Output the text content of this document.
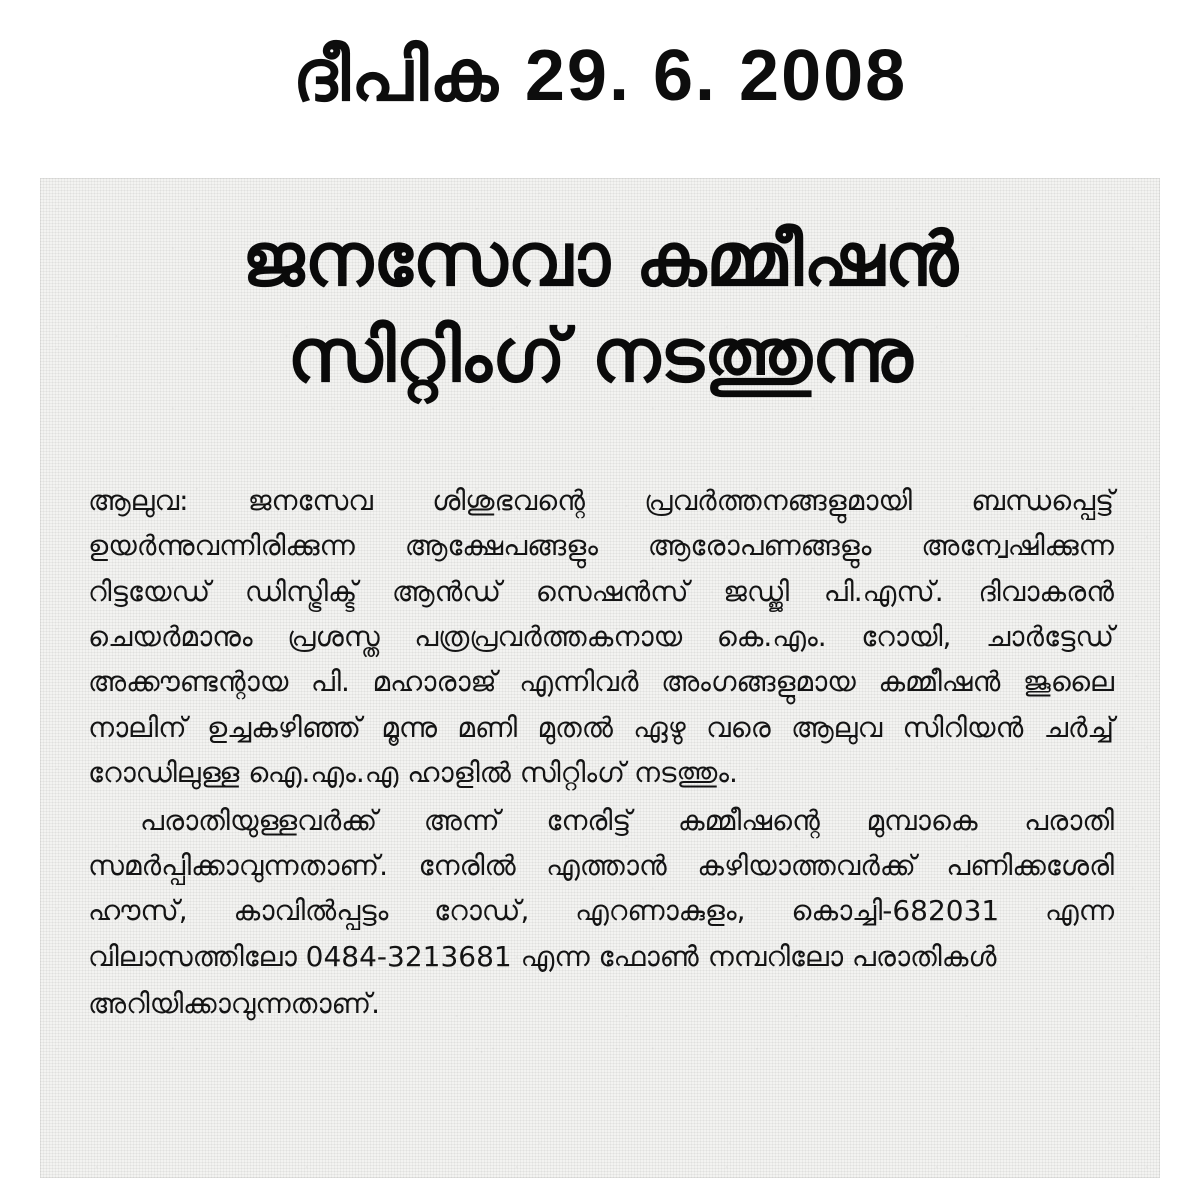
ദീപിക 29. 6. 2008
ജനസേവാ കമ്മീഷൻ
സിറ്റിംഗ് നടത്തുന്നു

ആലുവ: ജനസേവ ശിശുഭവന്റെ പ്രവർത്തനങ്ങളുമായി ബന്ധപ്പെട്ട് ഉയർന്നുവന്നിരിക്കുന്ന ആക്ഷേപങ്ങളും ആരോപണങ്ങളും അന്വേഷിക്കുന്ന റിട്ടയേഡ് ഡിസ്ട്രിക്ട് ആൻഡ് സെഷൻസ് ജഡ്ജി പി.എസ്. ദിവാകരൻ ചെയർമാനും പ്രശസ്ത പത്രപ്രവർത്തകനായ കെ.എം. റോയി, ചാർട്ടേഡ് അക്കൗണ്ടന്റായ പി. മഹാരാജ് എന്നിവർ അംഗങ്ങളുമായ കമ്മീഷൻ ജൂലൈ നാലിന് ഉച്ചകഴിഞ്ഞ് മൂന്നു മണി മുതൽ ഏഴു വരെ ആലുവ സിറിയൻ ചർച്ച് റോഡിലുള്ള ഐ.എം.എ ഹാളിൽ സിറ്റിംഗ് നടത്തും.

പരാതിയുള്ളവർക്ക് അന്ന് നേരിട്ട് കമ്മീഷന്റെ മുമ്പാകെ പരാതി സമർപ്പിക്കാവുന്നതാണ്. നേരിൽ എത്താൻ കഴിയാത്തവർക്ക് പണിക്കശേരി ഹൗസ്, കാവിൽപ്പട്ടം റോഡ്, എറണാകുളം, കൊച്ചി-682031 എന്ന വിലാസത്തിലോ 0484-3213681 എന്ന ഫോൺ നമ്പറിലോ പരാതികൾ

അറിയിക്കാവുന്നതാണ്.
